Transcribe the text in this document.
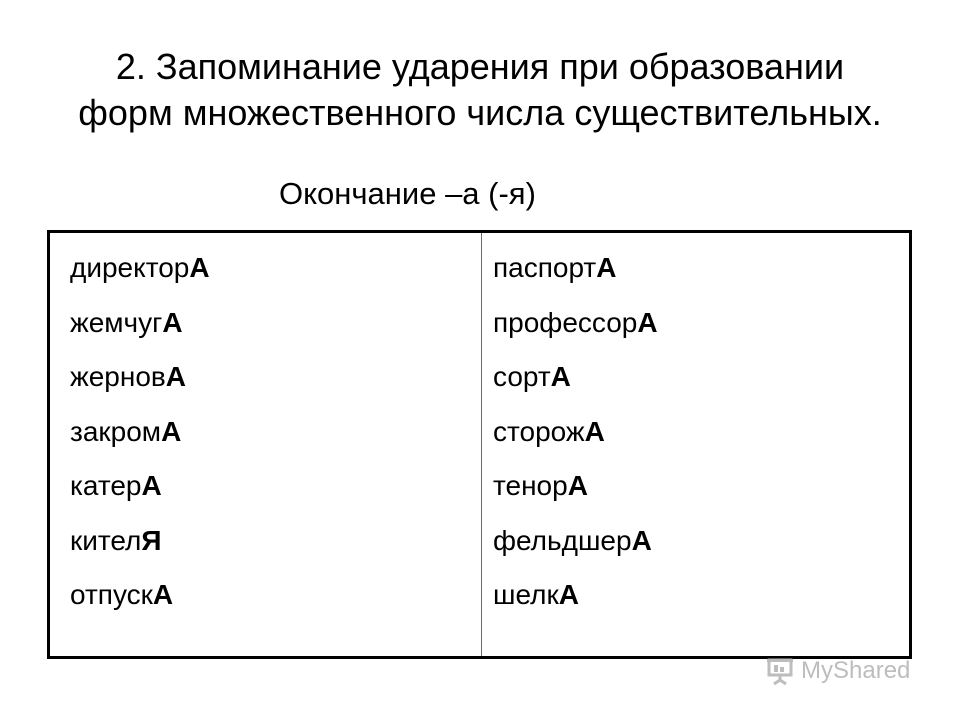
2. Запоминание ударения при образовании
форм множественного числа существительных.
Окончание –а (-я)
директорА
жемчугА
жерновА
закромА
катерА
кителЯ
отпускА
паспортА
профессорА
сортА
сторожА
тенорА
фельдшерА
шелкА
MyShared
